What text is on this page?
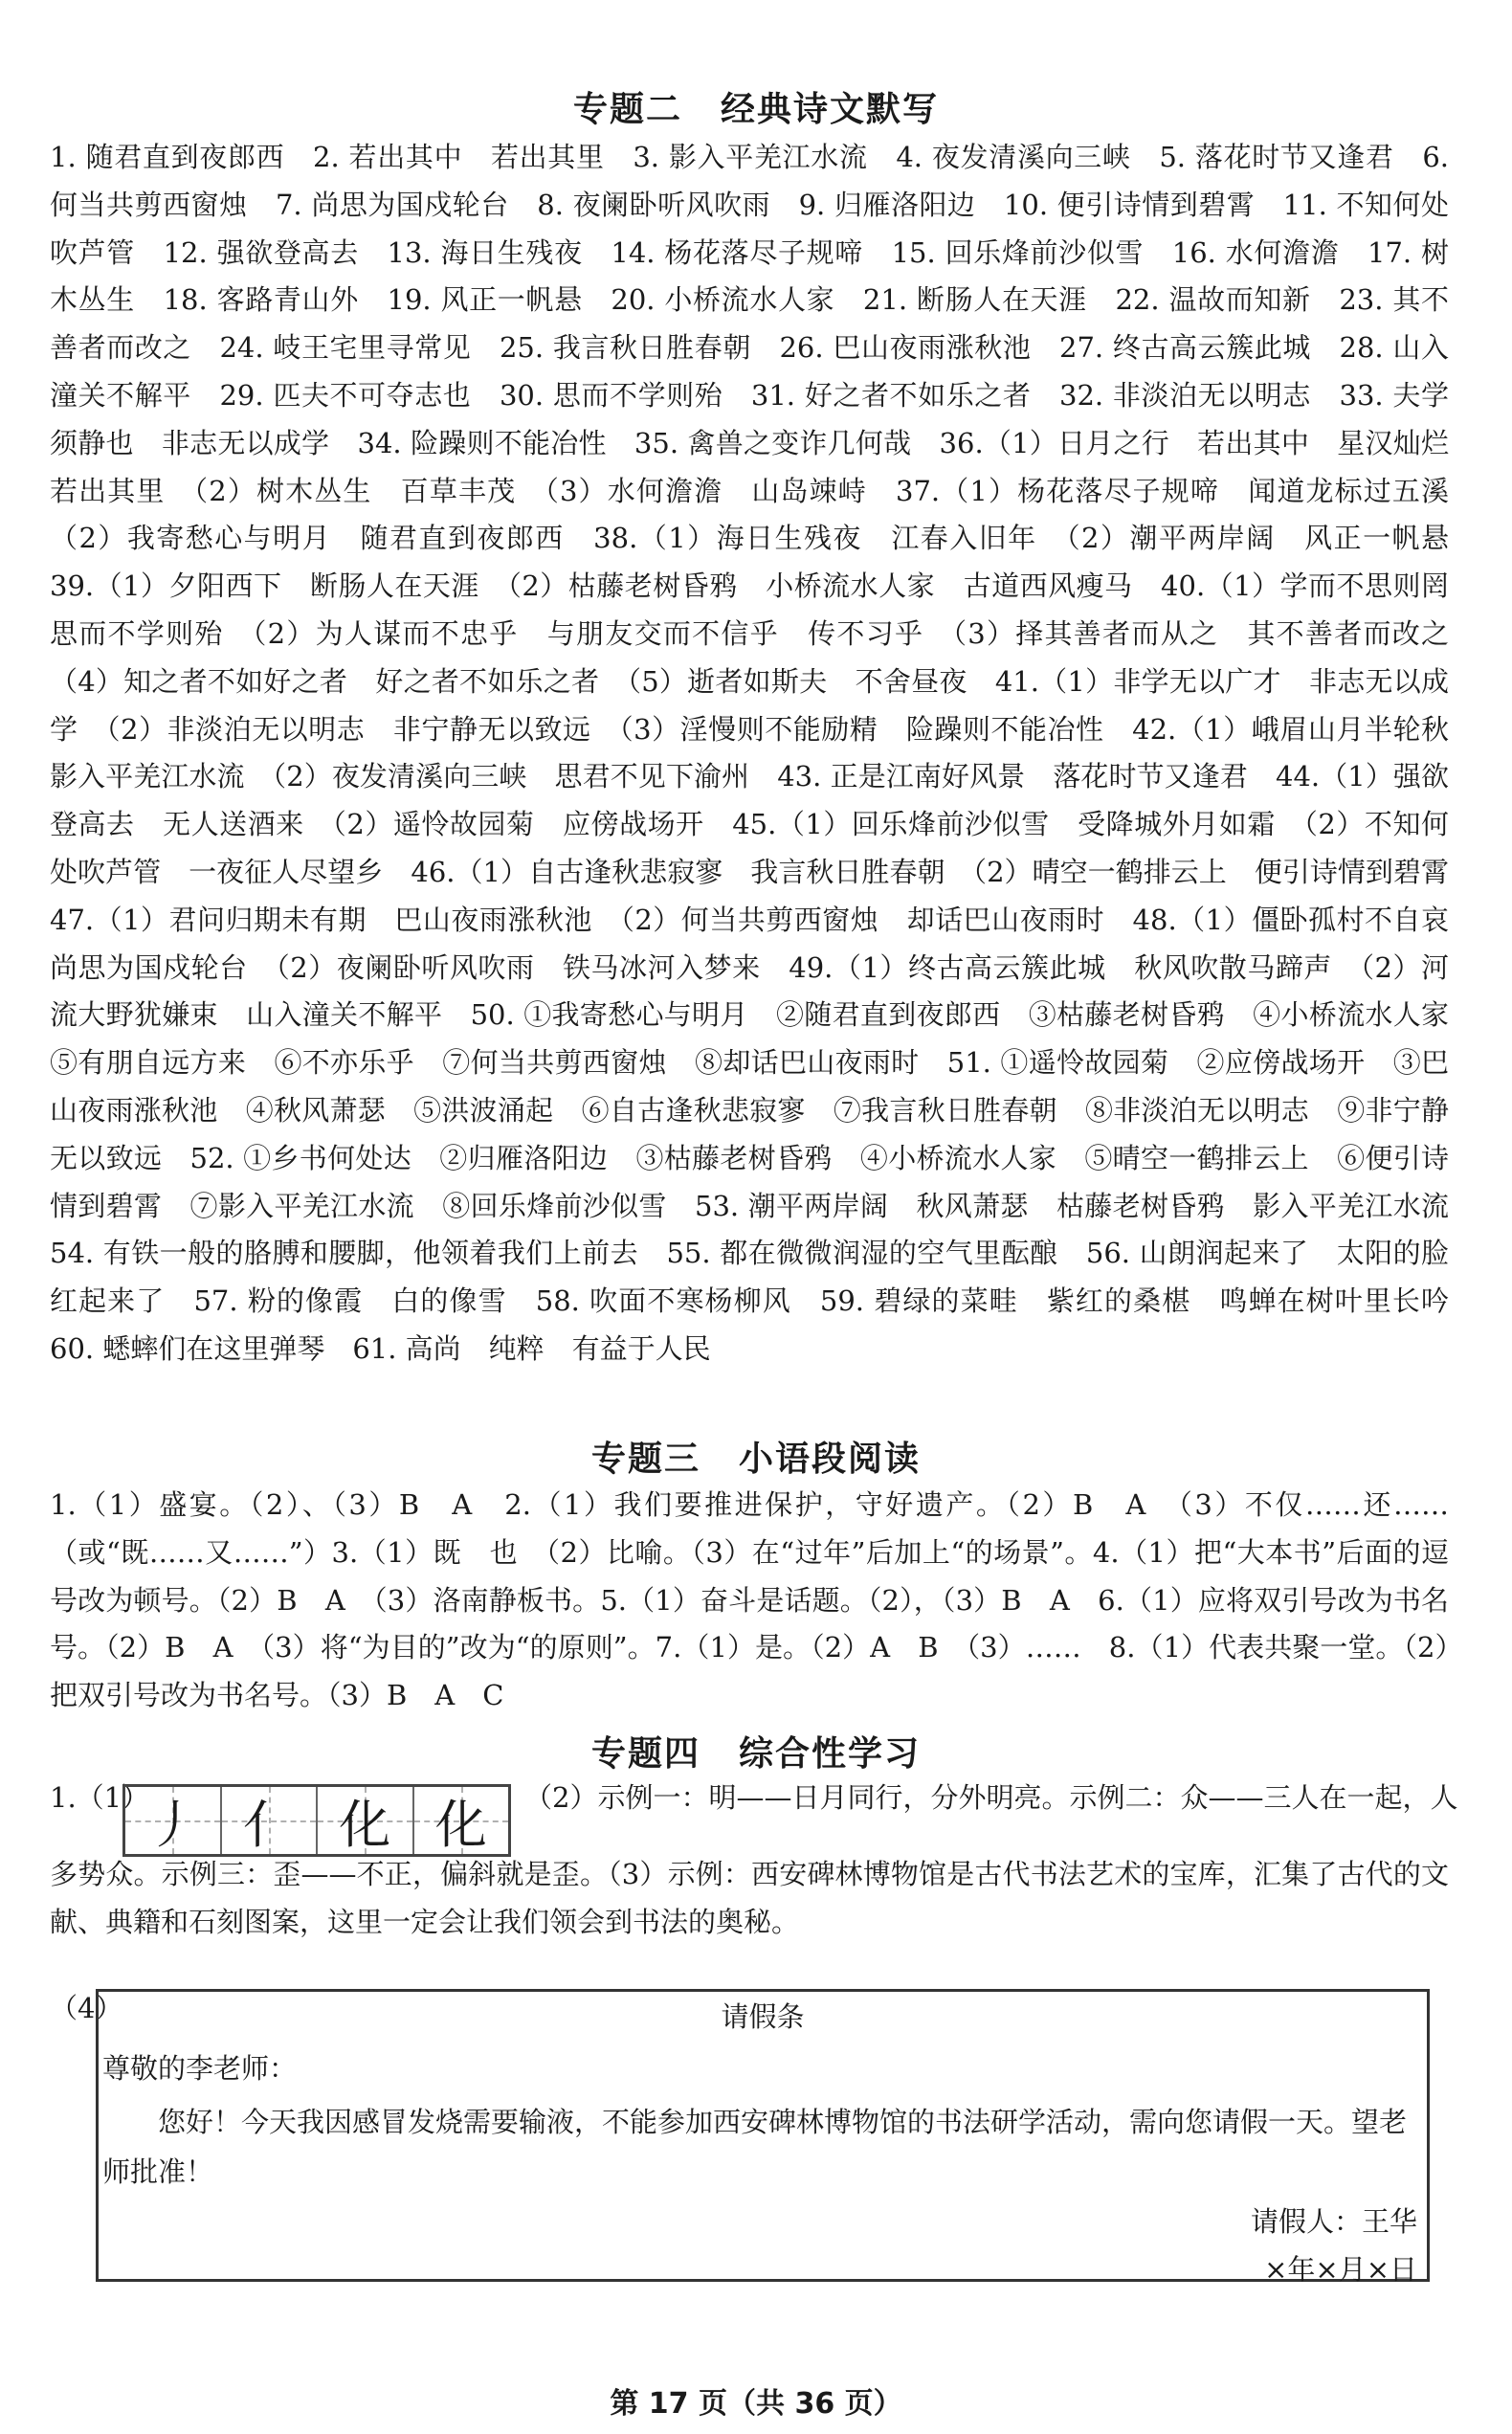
专题二 经典诗文默写

1. 随君直到夜郎西　2. 若出其中　若出其里　3. 影入平羌江水流　4. 夜发清溪向三峡　5. 落花时节又逢君　6. 何当共剪西窗烛　7. 尚思为国戍轮台　8. 夜阑卧听风吹雨　9. 归雁洛阳边　10. 便引诗情到碧霄　11. 不知何处吹芦管　12. 强欲登高去　13. 海日生残夜　14. 杨花落尽子规啼　15. 回乐烽前沙似雪　16. 水何澹澹　17. 树木丛生　18. 客路青山外　19. 风正一帆悬　20. 小桥流水人家　21. 断肠人在天涯　22. 温故而知新　23. 其不善者而改之　24. 岐王宅里寻常见　25. 我言秋日胜春朝　26. 巴山夜雨涨秋池　27. 终古高云簇此城　28. 山入潼关不解平　29. 匹夫不可夺志也　30. 思而不学则殆　31. 好之者不如乐之者　32. 非淡泊无以明志　33. 夫学须静也　非志无以成学　34. 险躁则不能冶性　35. 禽兽之变诈几何哉　36.（1）日月之行　若出其中　星汉灿烂　若出其里　（2）树木丛生　百草丰茂　（3）水何澹澹　山岛竦峙　37.（1）杨花落尽子规啼　闻道龙标过五溪　（2）我寄愁心与明月　随君直到夜郎西　38.（1）海日生残夜　江春入旧年　（2）潮平两岸阔　风正一帆悬　39.（1）夕阳西下　断肠人在天涯　（2）枯藤老树昏鸦　小桥流水人家　古道西风瘦马　40.（1）学而不思则罔　思而不学则殆　（2）为人谋而不忠乎　与朋友交而不信乎　传不习乎　（3）择其善者而从之　其不善者而改之　（4）知之者不如好之者　好之者不如乐之者　（5）逝者如斯夫　不舍昼夜　41.（1）非学无以广才　非志无以成学　（2）非淡泊无以明志　非宁静无以致远　（3）淫慢则不能励精　险躁则不能冶性　42.（1）峨眉山月半轮秋　影入平羌江水流　（2）夜发清溪向三峡　思君不见下渝州　43. 正是江南好风景　落花时节又逢君　44.（1）强欲登高去　无人送酒来　（2）遥怜故园菊　应傍战场开　45.（1）回乐烽前沙似雪　受降城外月如霜　（2）不知何处吹芦管　一夜征人尽望乡　46.（1）自古逢秋悲寂寥　我言秋日胜春朝　（2）晴空一鹤排云上　便引诗情到碧霄　47.（1）君问归期未有期　巴山夜雨涨秋池　（2）何当共剪西窗烛　却话巴山夜雨时　48.（1）僵卧孤村不自哀　尚思为国戍轮台　（2）夜阑卧听风吹雨　铁马冰河入梦来　49.（1）终古高云簇此城　秋风吹散马蹄声　（2）河流大野犹嫌束　山入潼关不解平　50. ①我寄愁心与明月　②随君直到夜郎西　③枯藤老树昏鸦　④小桥流水人家　⑤有朋自远方来　⑥不亦乐乎　⑦何当共剪西窗烛　⑧却话巴山夜雨时　51. ①遥怜故园菊　②应傍战场开　③巴山夜雨涨秋池　④秋风萧瑟　⑤洪波涌起　⑥自古逢秋悲寂寥　⑦我言秋日胜春朝　⑧非淡泊无以明志　⑨非宁静无以致远　52. ①乡书何处达　②归雁洛阳边　③枯藤老树昏鸦　④小桥流水人家　⑤晴空一鹤排云上　⑥便引诗情到碧霄　⑦影入平羌江水流　⑧回乐烽前沙似雪　53. 潮平两岸阔　秋风萧瑟　枯藤老树昏鸦　影入平羌江水流　54. 有铁一般的胳膊和腰脚，他领着我们上前去　55. 都在微微润湿的空气里酝酿　56. 山朗润起来了　太阳的脸红起来了　57. 粉的像霞　白的像雪　58. 吹面不寒杨柳风　59. 碧绿的菜畦　紫红的桑椹　鸣蝉在树叶里长吟　60. 蟋蟀们在这里弹琴　61. 高尚　纯粹　有益于人民

专题三 小语段阅读

1.（1）盛宴。（2）、（3）B　A　2.（1）我们要推进保护，守好遗产。（2）B　A　（3）不仅……还……（或“既……又……”）3.（1）既　也　（2）比喻。（3）在“过年”后加上“的场景”。4.（1）把“大本书”后面的逗号改为顿号。（2）B　A　（3）洛南静板书。5.（1）奋斗是话题。（2），（3）B　A　6.（1）应将双引号改为书名号。（2）B　A　（3）将“为目的”改为“的原则”。7.（1）是。（2）A　B　（3）……　8.（1）代表共聚一堂。（2）把双引号改为书名号。（3）B　A　C

专题四 综合性学习
1.（1）
丿 亻 化 化 （2）示例一：明——日月同行，分外明亮。示例二：众——三人在一起，人

多势众。示例三：歪——不正，偏斜就是歪。（3）示例：西安碑林博物馆是古代书法艺术的宝库，汇集了古代的文献、典籍和石刻图案，这里一定会让我们领会到书法的奥秘。

（4）	请假条
尊敬的李老师：
您好！今天我因感冒发烧需要输液，不能参加西安碑林博物馆的书法研学活动，需向您请假一天。望老师批准！
请假人：王华
×年×月×日
第 17 页（共 36 页）
